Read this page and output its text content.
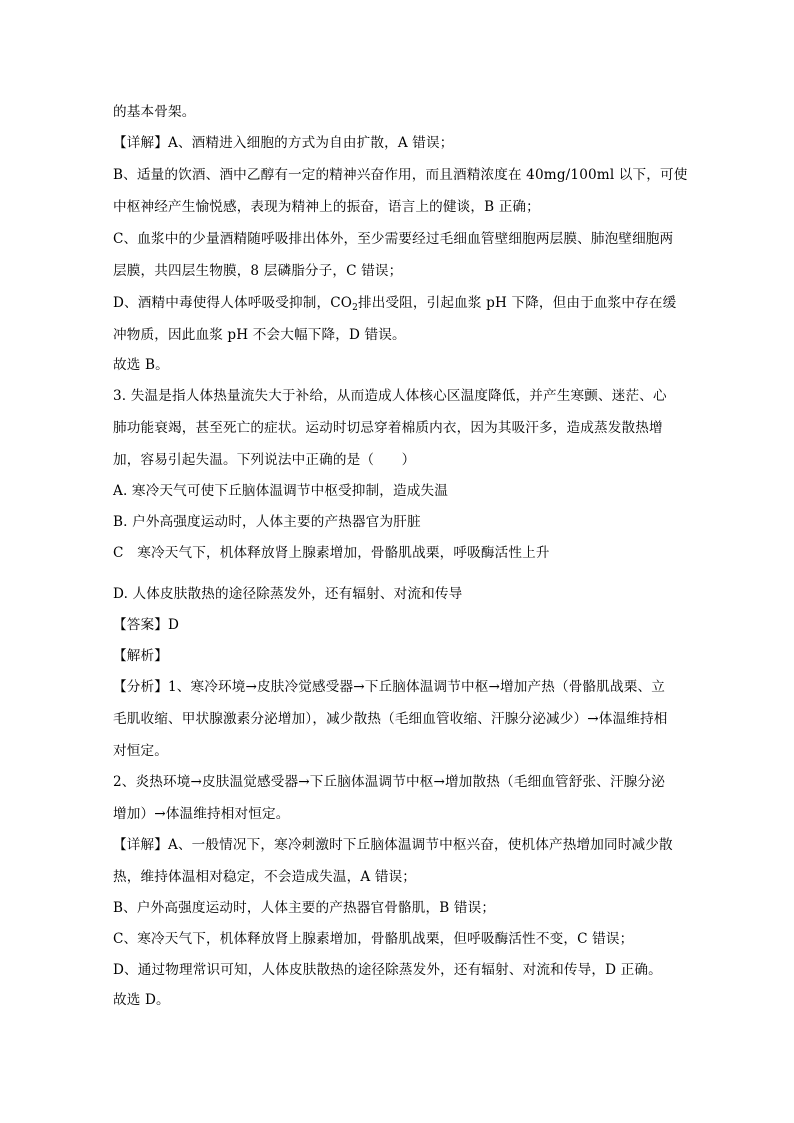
的基本骨架。
【详解】A、酒精进入细胞的方式为自由扩散，A 错误；
B、适量的饮酒、酒中乙醇有一定的精神兴奋作用，而且酒精浓度在 40mg/100ml 以下，可使
中枢神经产生愉悦感，表现为精神上的振奋，语言上的健谈，B 正确；
C、血浆中的少量酒精随呼吸排出体外，至少需要经过毛细血管壁细胞两层膜、肺泡壁细胞两
层膜，共四层生物膜，8 层磷脂分子，C 错误；
D、酒精中毒使得人体呼吸受抑制，$CO_2$排出受阻，引起血浆 pH 下降，但由于血浆中存在缓
冲物质，因此血浆 pH 不会大幅下降，D 错误。
故选 B。
3. 失温是指人体热量流失大于补给，从而造成人体核心区温度降低，并产生寒颤、迷茫、心
肺功能衰竭，甚至死亡的症状。运动时切忌穿着棉质内衣，因为其吸汗多，造成蒸发散热增
加，容易引起失温。下列说法中正确的是（　　）
A. 寒冷天气可使下丘脑体温调节中枢受抑制，造成失温
B. 户外高强度运动时，人体主要的产热器官为肝脏
C　寒冷天气下，机体释放肾上腺素增加，骨骼肌战栗，呼吸酶活性上升
D. 人体皮肤散热的途径除蒸发外，还有辐射、对流和传导
【答案】D
【解析】
【分析】1、寒冷环境→皮肤冷觉感受器→下丘脑体温调节中枢→增加产热（骨骼肌战栗、立
毛肌收缩、甲状腺激素分泌增加），减少散热（毛细血管收缩、汗腺分泌减少）→体温维持相
对恒定。
2、炎热环境→皮肤温觉感受器→下丘脑体温调节中枢→增加散热（毛细血管舒张、汗腺分泌
增加）→体温维持相对恒定。
【详解】A、一般情况下，寒冷刺激时下丘脑体温调节中枢兴奋，使机体产热增加同时减少散
热，维持体温相对稳定，不会造成失温，A 错误；
B、户外高强度运动时，人体主要的产热器官骨骼肌，B 错误；
C、寒冷天气下，机体释放肾上腺素增加，骨骼肌战栗，但呼吸酶活性不变，C 错误；
D、通过物理常识可知，人体皮肤散热的途径除蒸发外，还有辐射、对流和传导，D 正确。
故选 D。
